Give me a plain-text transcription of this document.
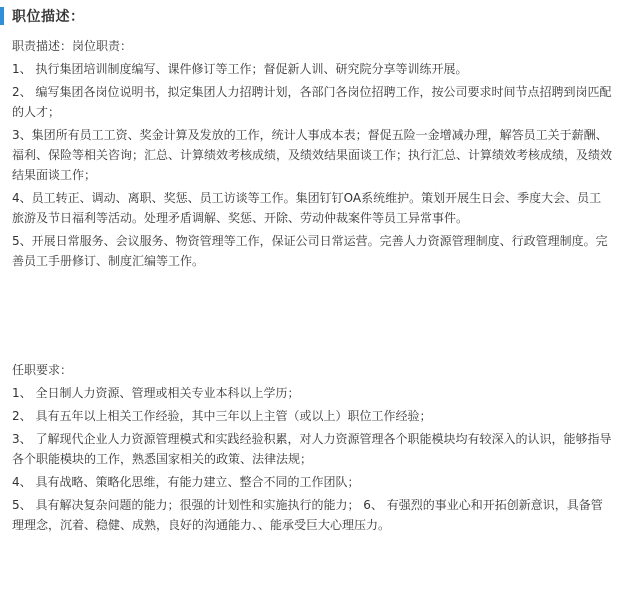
职位描述：
职责描述：岗位职责：
1、 执行集团培训制度编写、课件修订等工作；督促新人训、研究院分享等训练开展。
2、 编写集团各岗位说明书，拟定集团人力招聘计划，各部门各岗位招聘工作，按公司要求时间节点招聘到岗匹配的人才；
3、集团所有员工工资、奖金计算及发放的工作，统计人事成本表；督促五险一金增减办理，解答员工关于薪酬、福利、保险等相关咨询；汇总、计算绩效考核成绩，及绩效结果面谈工作；执行汇总、计算绩效考核成绩，及绩效结果面谈工作；
4、员工转正、调动、离职、奖惩、员工访谈等工作。集团钉钉OA系统维护。策划开展生日会、季度大会、员工旅游及节日福利等活动。处理矛盾调解、奖惩、开除、劳动仲裁案件等员工异常事件。
5、开展日常服务、会议服务、物资管理等工作，保证公司日常运营。完善人力资源管理制度、行政管理制度。完善员工手册修订、制度汇编等工作。
任职要求：
1、 全日制人力资源、管理或相关专业本科以上学历；
2、 具有五年以上相关工作经验，其中三年以上主管（或以上）职位工作经验；
3、 了解现代企业人力资源管理模式和实践经验积累，对人力资源管理各个职能模块均有较深入的认识，能够指导各个职能模块的工作，熟悉国家相关的政策、法律法规；
4、 具有战略、策略化思维，有能力建立、整合不同的工作团队；
5、 具有解决复杂问题的能力；很强的计划性和实施执行的能力； 6、 有强烈的事业心和开拓创新意识，具备管理理念，沉着、稳健、成熟，良好的沟通能力、、能承受巨大心理压力。
